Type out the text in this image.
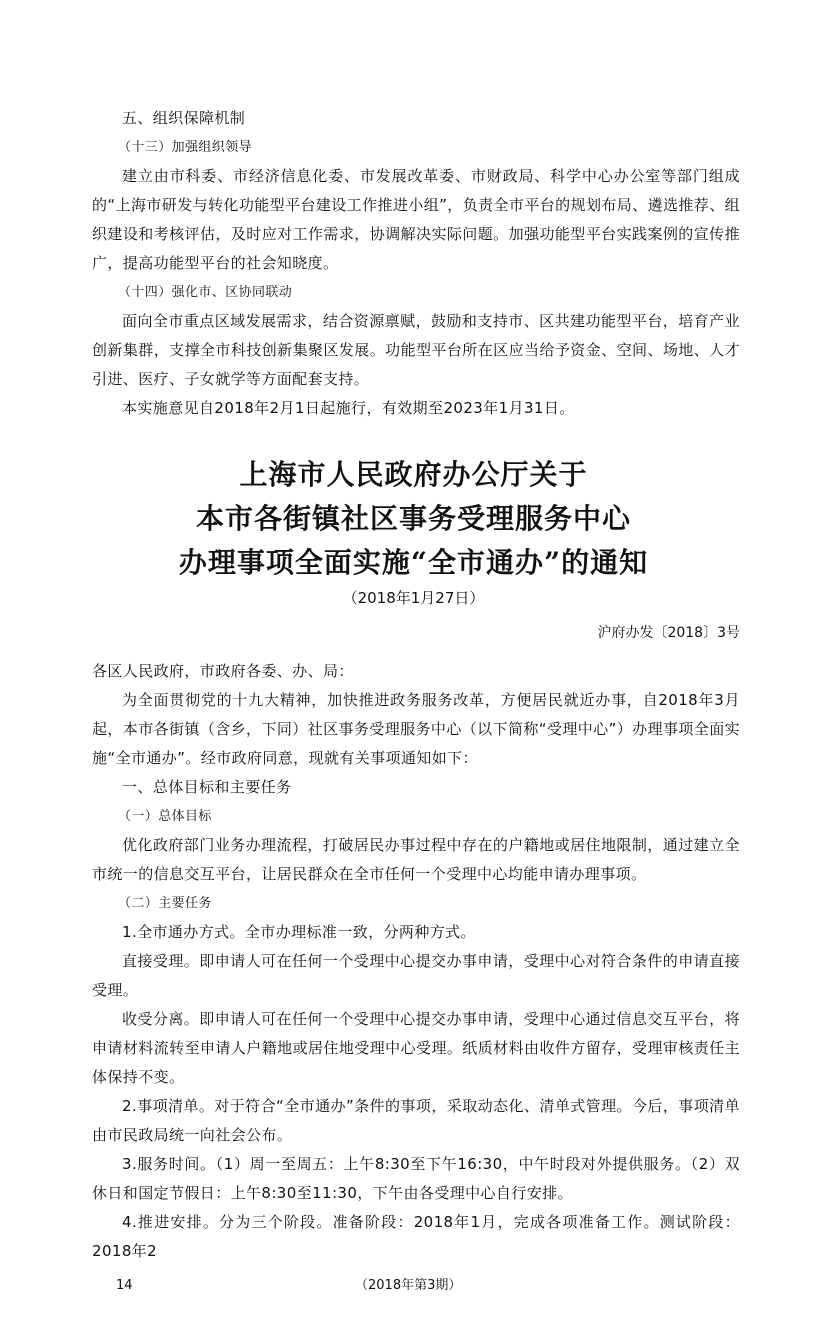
五、组织保障机制

（十三）加强组织领导

建立由市科委、市经济信息化委、市发展改革委、市财政局、科学中心办公室等部门组成的“上海市研发与转化功能型平台建设工作推进小组”，负责全市平台的规划布局、遴选推荐、组织建设和考核评估，及时应对工作需求，协调解决实际问题。加强功能型平台实践案例的宣传推广，提高功能型平台的社会知晓度。

（十四）强化市、区协同联动

面向全市重点区域发展需求，结合资源禀赋，鼓励和支持市、区共建功能型平台，培育产业创新集群，支撑全市科技创新集聚区发展。功能型平台所在区应当给予资金、空间、场地、人才引进、医疗、子女就学等方面配套支持。

本实施意见自2018年2月1日起施行，有效期至2023年1月31日。

上海市人民政府办公厅关于
本市各街镇社区事务受理服务中心
办理事项全面实施“全市通办”的通知
（2018年1月27日）
沪府办发〔2018〕3号

各区人民政府，市政府各委、办、局：

为全面贯彻党的十九大精神，加快推进政务服务改革，方便居民就近办事，自2018年3月起，本市各街镇（含乡，下同）社区事务受理服务中心（以下简称“受理中心”）办理事项全面实施“全市通办”。经市政府同意，现就有关事项通知如下：

一、总体目标和主要任务

（一）总体目标

优化政府部门业务办理流程，打破居民办事过程中存在的户籍地或居住地限制，通过建立全市统一的信息交互平台，让居民群众在全市任何一个受理中心均能申请办理事项。

（二）主要任务

1.全市通办方式。全市办理标准一致，分两种方式。

直接受理。即申请人可在任何一个受理中心提交办事申请，受理中心对符合条件的申请直接受理。

收受分离。即申请人可在任何一个受理中心提交办事申请，受理中心通过信息交互平台，将申请材料流转至申请人户籍地或居住地受理中心受理。纸质材料由收件方留存，受理审核责任主体保持不变。

2.事项清单。对于符合“全市通办”条件的事项，采取动态化、清单式管理。今后，事项清单由市民政局统一向社会公布。

3.服务时间。（1）周一至周五：上午8:30至下午16:30，中午时段对外提供服务。（2）双休日和国定节假日：上午8:30至11:30，下午由各受理中心自行安排。

4.推进安排。分为三个阶段。准备阶段：2018年1月，完成各项准备工作。测试阶段：2018年2

14	（2018年第3期）
